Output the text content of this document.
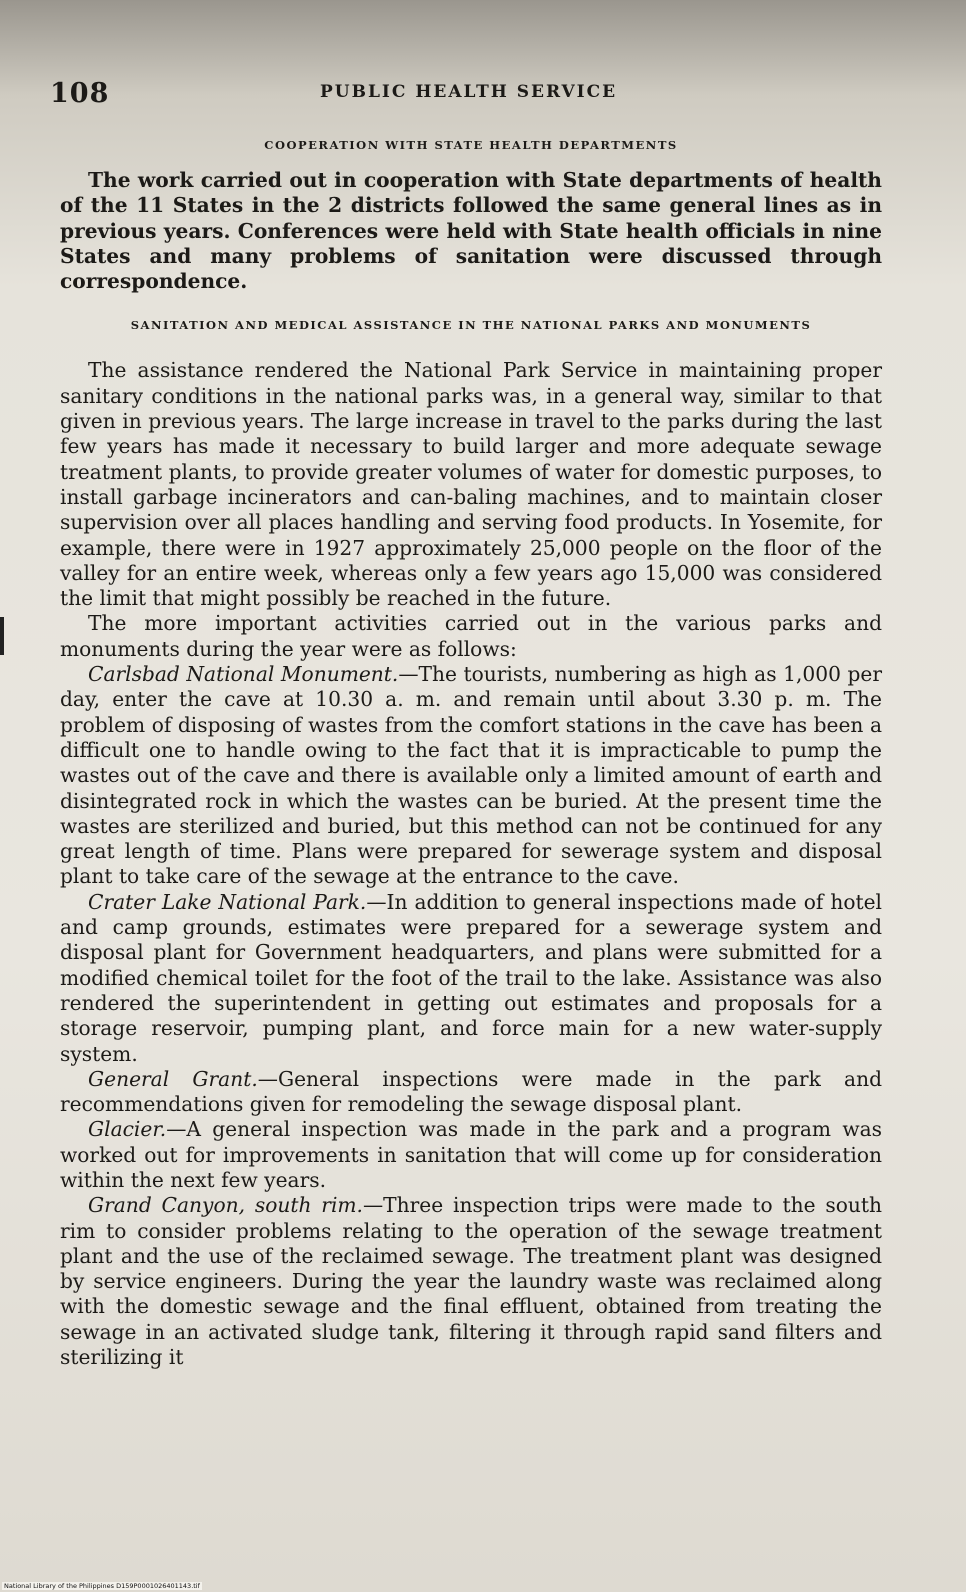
108	PUBLIC HEALTH SERVICE
COOPERATION WITH STATE HEALTH DEPARTMENTS

The work carried out in cooperation with State departments of health of the 11 States in the 2 districts followed the same general lines as in previous years. Conferences were held with State health officials in nine States and many problems of sanitation were discussed through correspondence.

SANITATION AND MEDICAL ASSISTANCE IN THE NATIONAL PARKS AND MONUMENTS

The assistance rendered the National Park Service in maintaining proper sanitary conditions in the national parks was, in a general way, similar to that given in previous years. The large increase in travel to the parks during the last few years has made it necessary to build larger and more adequate sewage treatment plants, to provide greater volumes of water for domestic purposes, to install garbage incinerators and can-baling machines, and to maintain closer supervision over all places handling and serving food products. In Yosemite, for example, there were in 1927 approximately 25,000 people on the floor of the valley for an entire week, whereas only a few years ago 15,000 was considered the limit that might possibly be reached in the future.

The more important activities carried out in the various parks and monuments during the year were as follows:

Carlsbad National Monument.—The tourists, numbering as high as 1,000 per day, enter the cave at 10.30 a. m. and remain until about 3.30 p. m. The problem of disposing of wastes from the comfort stations in the cave has been a difficult one to handle owing to the fact that it is impracticable to pump the wastes out of the cave and there is available only a limited amount of earth and disintegrated rock in which the wastes can be buried. At the present time the wastes are sterilized and buried, but this method can not be continued for any great length of time. Plans were prepared for sewerage system and disposal plant to take care of the sewage at the entrance to the cave.

Crater Lake National Park.—In addition to general inspections made of hotel and camp grounds, estimates were prepared for a sewerage system and disposal plant for Government headquarters, and plans were submitted for a modified chemical toilet for the foot of the trail to the lake. Assistance was also rendered the superintendent in getting out estimates and proposals for a storage reservoir, pumping plant, and force main for a new water-supply system.

General Grant.—General inspections were made in the park and recommendations given for remodeling the sewage disposal plant.

Glacier.—A general inspection was made in the park and a program was worked out for improvements in sanitation that will come up for consideration within the next few years.

Grand Canyon, south rim.—Three inspection trips were made to the south rim to consider problems relating to the operation of the sewage treatment plant and the use of the reclaimed sewage. The treatment plant was designed by service engineers. During the year the laundry waste was reclaimed along with the domestic sewage and the final effluent, obtained from treating the sewage in an activated sludge tank, filtering it through rapid sand filters and sterilizing it

National Library of the Philippines D159P0001026401143.tif
